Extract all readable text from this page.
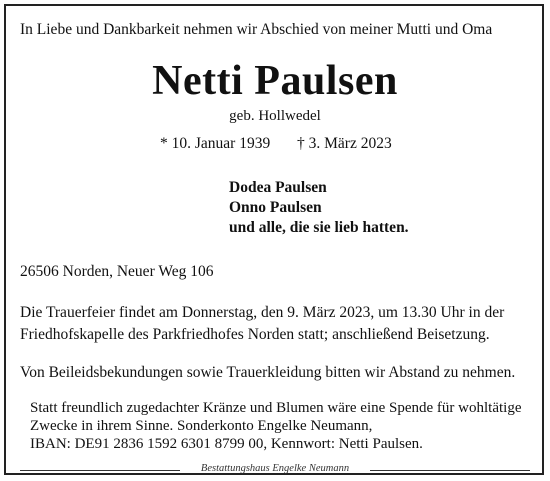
In Liebe und Dankbarkeit nehmen wir Abschied von meiner Mutti und Oma
Netti Paulsen
geb. Hollwedel
* 10. Januar 1939 † 3. März 2023
Dodea Paulsen
Onno Paulsen
und alle, die sie lieb hatten.
26506 Norden, Neuer Weg 106
Die Trauerfeier findet am Donnerstag, den 9. März 2023, um 13.30 Uhr in der
Friedhofskapelle des Parkfriedhofes Norden statt; anschließend Beisetzung.
Von Beileidsbekundungen sowie Trauerkleidung bitten wir Abstand zu nehmen.
Statt freundlich zugedachter Kränze und Blumen wäre eine Spende für wohltätige
Zwecke in ihrem Sinne. Sonderkonto Engelke Neumann,
IBAN: DE91 2836 1592 6301 8799 00, Kennwort: Netti Paulsen.
Bestattungshaus Engelke Neumann
